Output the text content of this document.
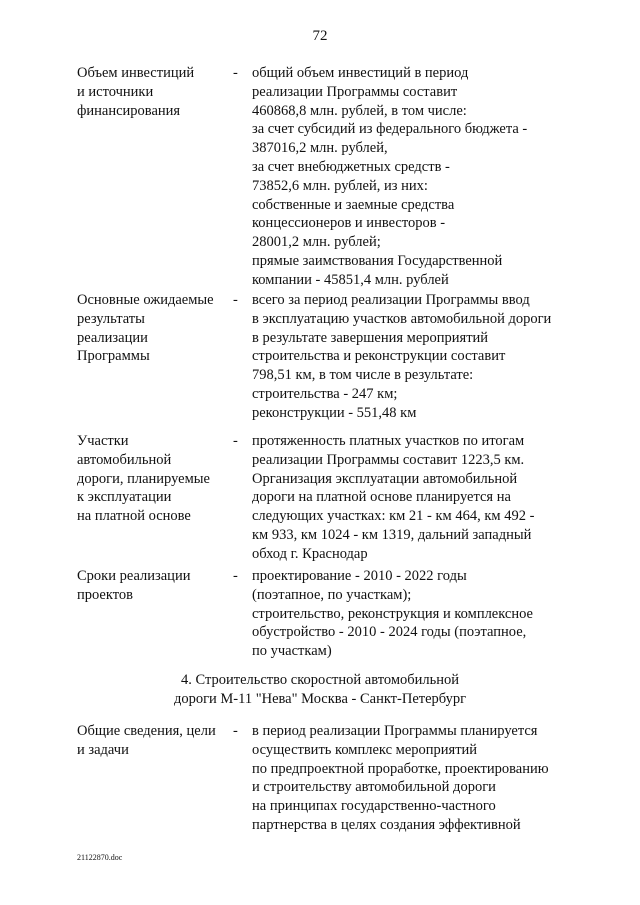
72
Объем инвестиций
и источники
финансирования
- общий объем инвестиций в период
реализации Программы составит
460868,8 млн. рублей, в том числе:
за счет субсидий из федерального бюджета -
387016,2 млн. рублей,
за счет внебюджетных средств -
73852,6 млн. рублей, из них:
собственные и заемные средства
концессионеров и инвесторов -
28001,2 млн. рублей;
прямые заимствования Государственной
компании - 45851,4 млн. рублей
Основные ожидаемые
результаты
реализации
Программы
- всего за период реализации Программы ввод
в эксплуатацию участков автомобильной дороги
в результате завершения мероприятий
строительства и реконструкции составит
798,51 км, в том числе в результате:
строительства - 247 км;
реконструкции - 551,48 км
Участки
автомобильной
дороги, планируемые
к эксплуатации
на платной основе
- протяженность платных участков по итогам
реализации Программы составит 1223,5 км.
Организация эксплуатации автомобильной
дороги на платной основе планируется на
следующих участках: км 21 - км 464, км 492 -
км 933, км 1024 - км 1319, дальний западный
обход г. Краснодар
Сроки реализации
проектов
- проектирование - 2010 - 2022 годы
(поэтапное, по участкам);
строительство, реконструкция и комплексное
обустройство - 2010 - 2024 годы (поэтапное,
по участкам)
4. Строительство скоростной автомобильной
дороги М-11 "Нева" Москва - Санкт-Петербург
Общие сведения, цели
и задачи
- в период реализации Программы планируется
осуществить комплекс мероприятий
по предпроектной проработке, проектированию
и строительству автомобильной дороги
на принципах государственно-частного
партнерства в целях создания эффективной
21122870.doc
